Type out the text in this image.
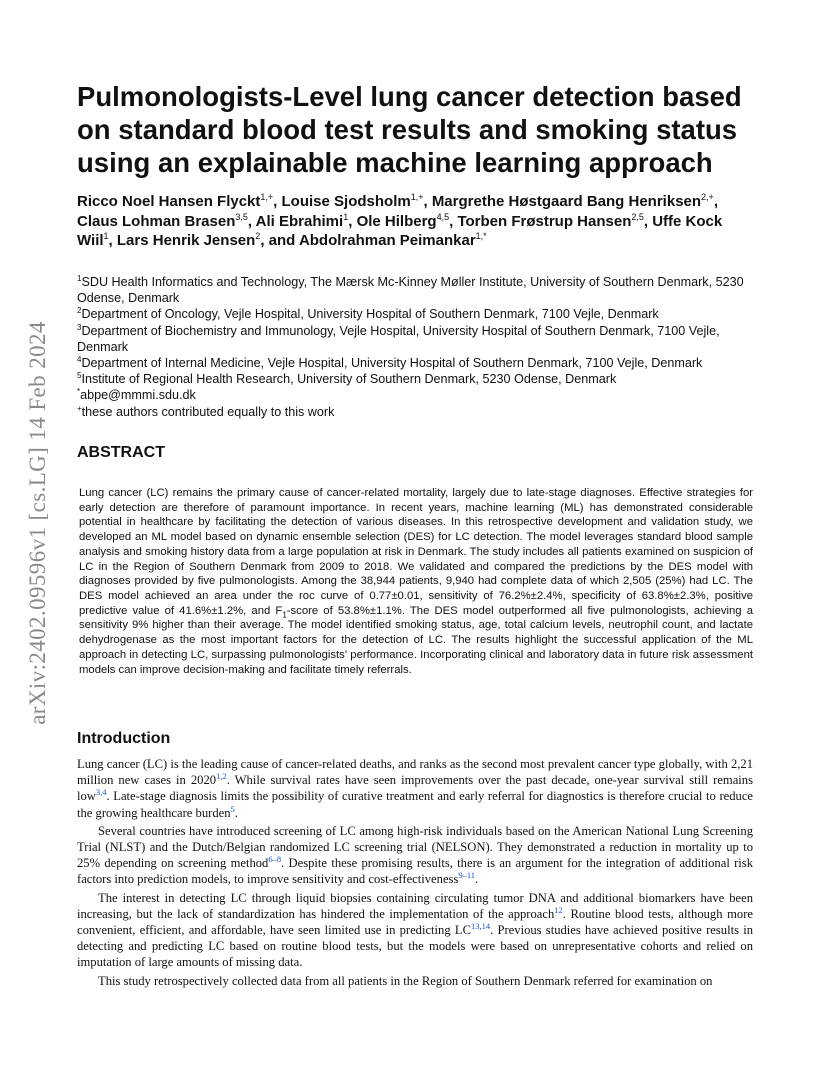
arXiv:2402.09596v1 [cs.LG] 14 Feb 2024
Pulmonologists-Level lung cancer detection based on standard blood test results and smoking status using an explainable machine learning approach

Ricco Noel Hansen Flyckt$^{1,+}$, Louise Sjodsholm$^{1,+}$, Margrethe Høstgaard Bang Henriksen$^{2,+}$, Claus Lohman Brasen$^{3,5}$, Ali Ebrahimi$^1$, Ole Hilberg$^{4,5}$, Torben Frøstrup Hansen$^{2,5}$, Uffe Kock Wiil$^1$, Lars Henrik Jensen$^2$, and Abdolrahman Peimankar$^{1,*}$

$^1$SDU Health Informatics and Technology, The Mærsk Mc-Kinney Møller Institute, University of Southern Denmark, 5230 Odense, Denmark
$^2$Department of Oncology, Vejle Hospital, University Hospital of Southern Denmark, 7100 Vejle, Denmark
$^3$Department of Biochemistry and Immunology, Vejle Hospital, University Hospital of Southern Denmark, 7100 Vejle, Denmark
$^4$Department of Internal Medicine, Vejle Hospital, University Hospital of Southern Denmark, 7100 Vejle, Denmark
$^5$Institute of Regional Health Research, University of Southern Denmark, 5230 Odense, Denmark
*abpe@mmmi.sdu.dk
+these authors contributed equally to this work
ABSTRACT

Lung cancer (LC) remains the primary cause of cancer-related mortality, largely due to late-stage diagnoses. Effective strategies for early detection are therefore of paramount importance. In recent years, machine learning (ML) has demonstrated considerable potential in healthcare by facilitating the detection of various diseases. In this retrospective development and validation study, we developed an ML model based on dynamic ensemble selection (DES) for LC detection. The model leverages standard blood sample analysis and smoking history data from a large population at risk in Denmark. The study includes all patients examined on suspicion of LC in the Region of Southern Denmark from 2009 to 2018. We validated and compared the predictions by the DES model with diagnoses provided by five pulmonologists. Among the 38,944 patients, 9,940 had complete data of which 2,505 (25%) had LC. The DES model achieved an area under the roc curve of 0.77±0.01, sensitivity of 76.2%±2.4%, specificity of 63.8%±2.3%, positive predictive value of 41.6%±1.2%, and $F_1$-score of 53.8%±1.1%. The DES model outperformed all five pulmonologists, achieving a sensitivity 9% higher than their average. The model identified smoking status, age, total calcium levels, neutrophil count, and lactate dehydrogenase as the most important factors for the detection of LC. The results highlight the successful application of the ML approach in detecting LC, surpassing pulmonologists' performance. Incorporating clinical and laboratory data in future risk assessment models can improve decision-making and facilitate timely referrals.

Introduction

Lung cancer (LC) is the leading cause of cancer-related deaths, and ranks as the second most prevalent cancer type globally, with 2,21 million new cases in 2020$^{1,2}$. While survival rates have seen improvements over the past decade, one-year survival still remains low$^{3,4}$. Late-stage diagnosis limits the possibility of curative treatment and early referral for diagnostics is therefore crucial to reduce the growing healthcare burden$^5$.

Several countries have introduced screening of LC among high-risk individuals based on the American National Lung Screening Trial (NLST) and the Dutch/Belgian randomized LC screening trial (NELSON). They demonstrated a reduction in mortality up to 25% depending on screening method$^{6-8}$. Despite these promising results, there is an argument for the integration of additional risk factors into prediction models, to improve sensitivity and cost-effectiveness$^{9-11}$.

The interest in detecting LC through liquid biopsies containing circulating tumor DNA and additional biomarkers have been increasing, but the lack of standardization has hindered the implementation of the approach$^{12}$. Routine blood tests, although more convenient, efficient, and affordable, have seen limited use in predicting LC$^{13,14}$. Previous studies have achieved positive results in detecting and predicting LC based on routine blood tests, but the models were based on unrepresentative cohorts and relied on imputation of large amounts of missing data.

This study retrospectively collected data from all patients in the Region of Southern Denmark referred for examination on
